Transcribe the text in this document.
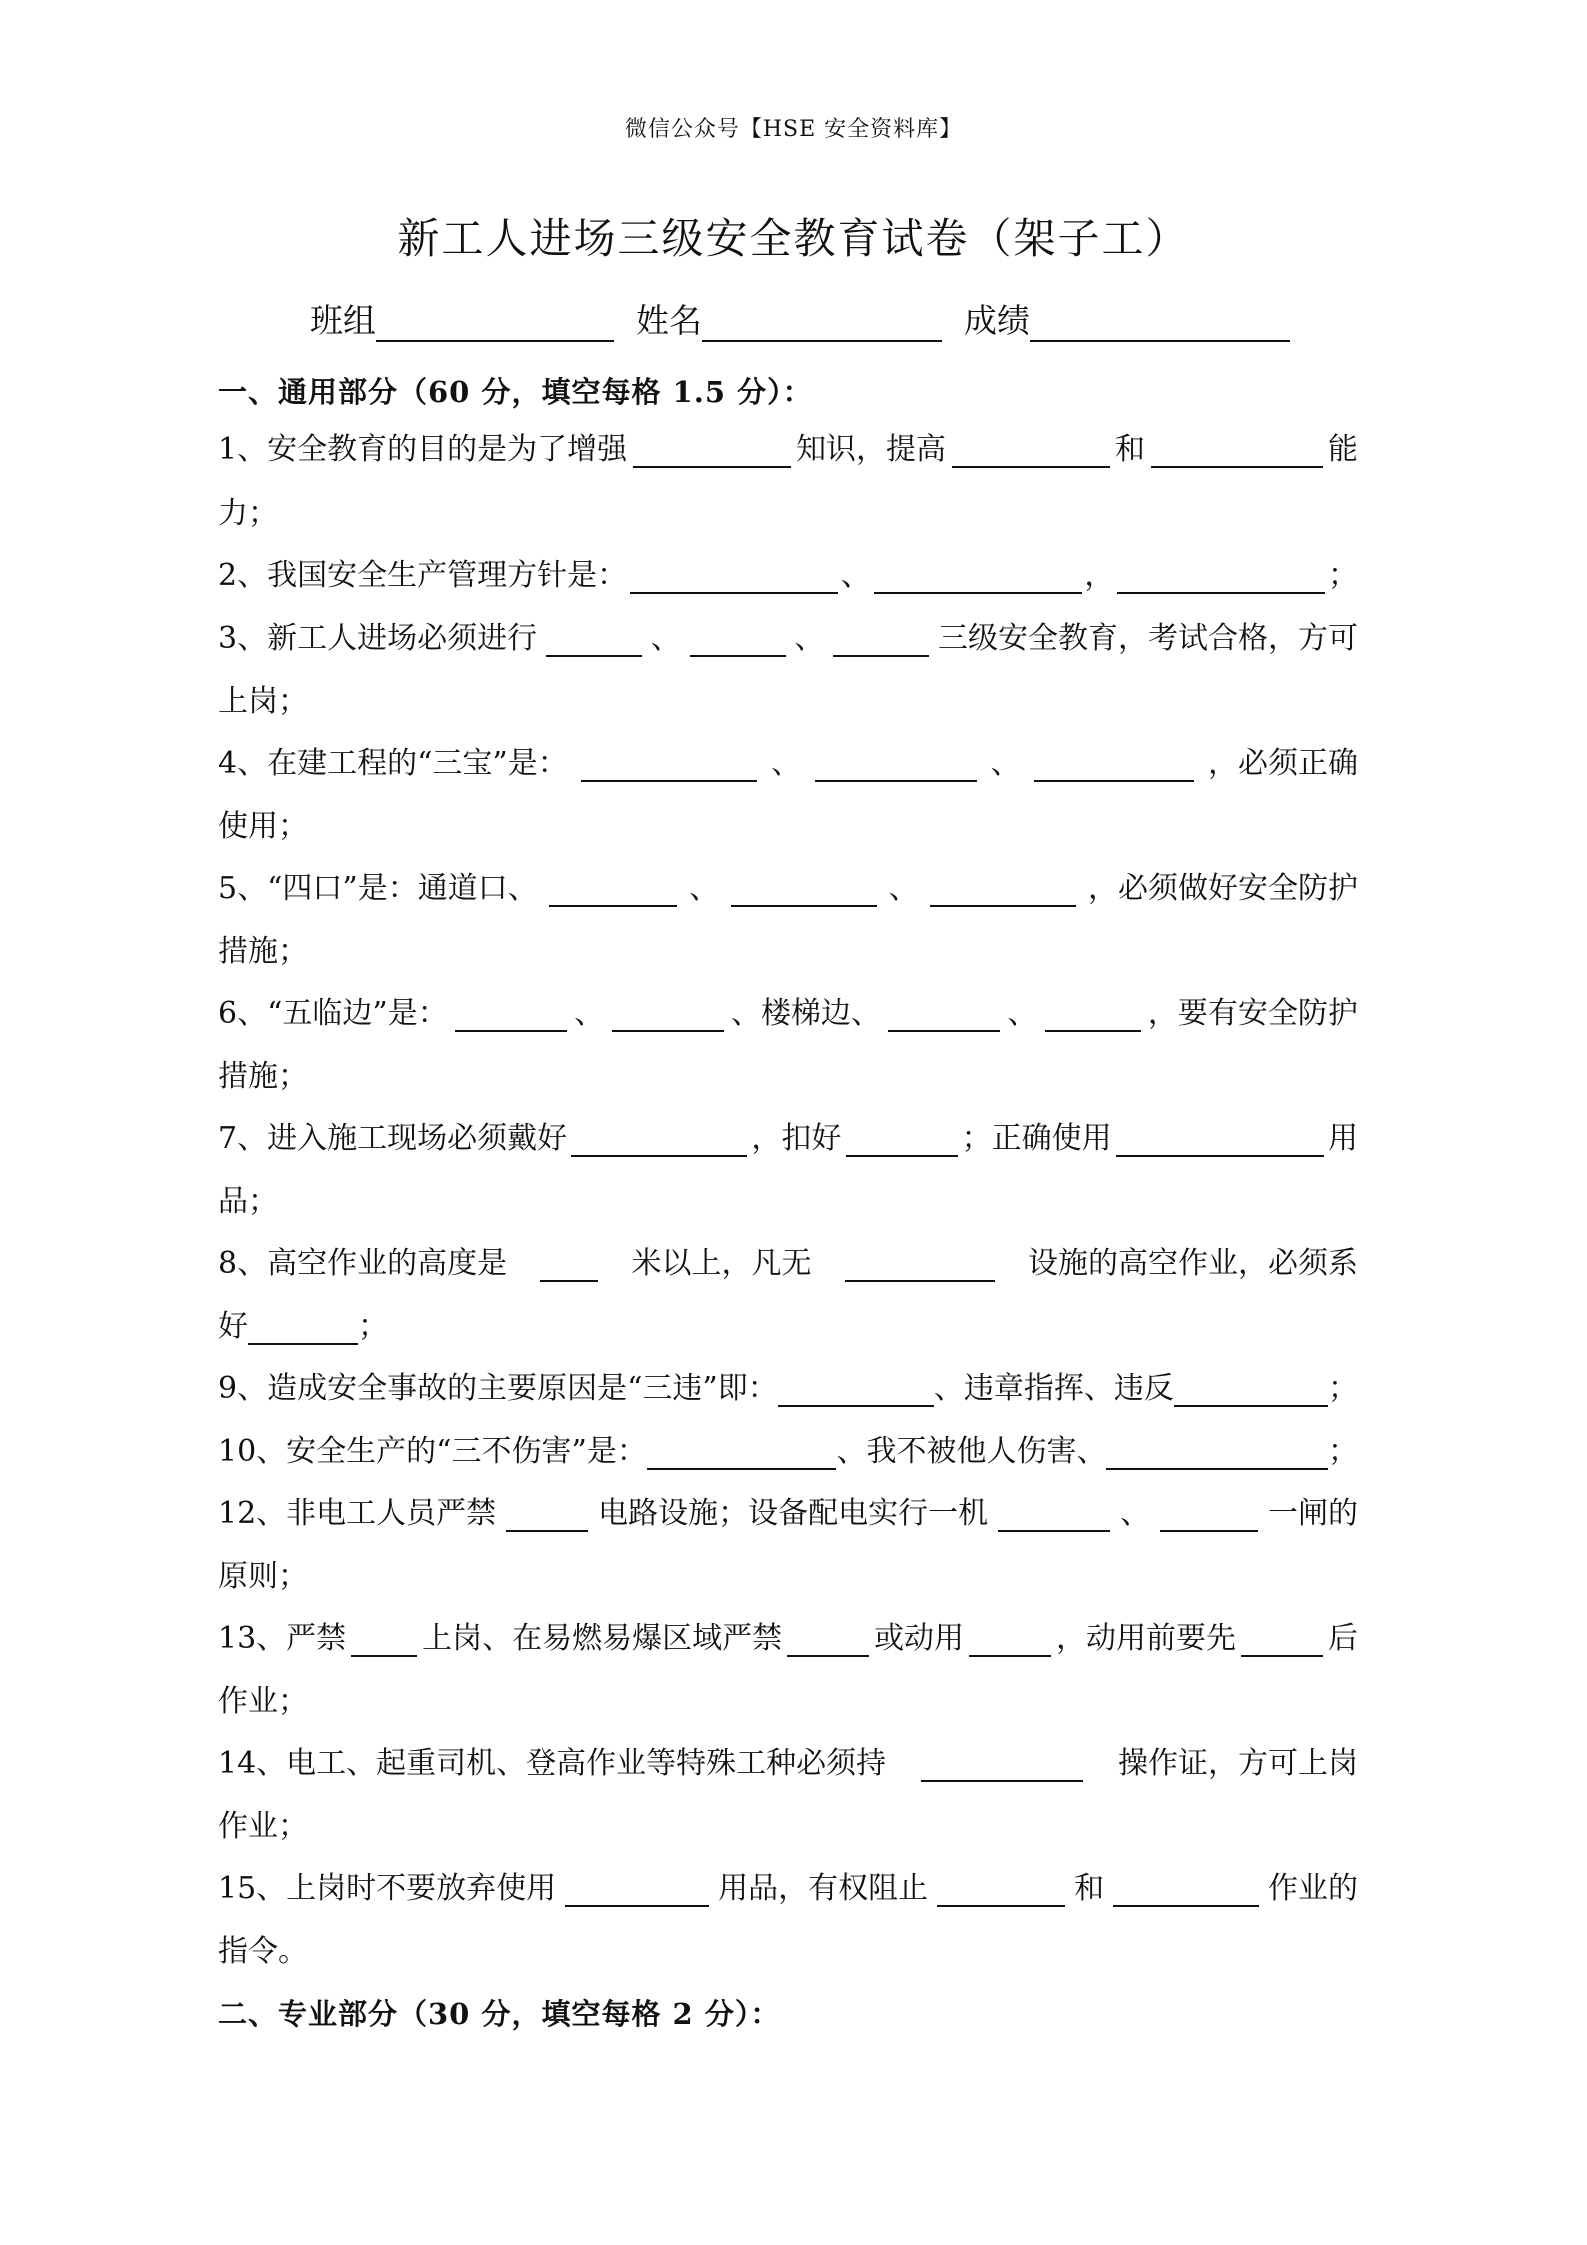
微信公众号【HSE 安全资料库】
新工人进场三级安全教育试卷（架子工）
班组	姓名	成绩
一、通用部分（60 分，填空每格 1.5 分）：
1、安全教育的目的是为了增强	知识，提高	和	能
力；
2、我国安全生产管理方针是：	、	，	；
3、新工人进场必须进行	、	、	三级安全教育，考试合格，方可
上岗；
4、在建工程的“三宝”是：	、	、	，必须正确
使用；
5、“四口”是：通道口、	、	、	，必须做好安全防护
措施；
6、“五临边”是：	、	、楼梯边、	、	，要有安全防护
措施；
7、进入施工现场必须戴好	，扣好	；正确使用	用
品；
8、高空作业的高度是	米以上，凡无	设施的高空作业，必须系
好	；
9、造成安全事故的主要原因是“三违”即：	、违章指挥、违反	；
10、安全生产的“三不伤害”是：	、我不被他人伤害、	；
12、非电工人员严禁	电路设施；设备配电实行一机	、	一闸的
原则；
13、严禁	上岗、在易燃易爆区域严禁	或动用	，动用前要先	后
作业；
14、电工、起重司机、登高作业等特殊工种必须持	操作证，方可上岗
作业；
15、上岗时不要放弃使用	用品，有权阻止	和	作业的
指令。
二、专业部分（30 分，填空每格 2 分）：
